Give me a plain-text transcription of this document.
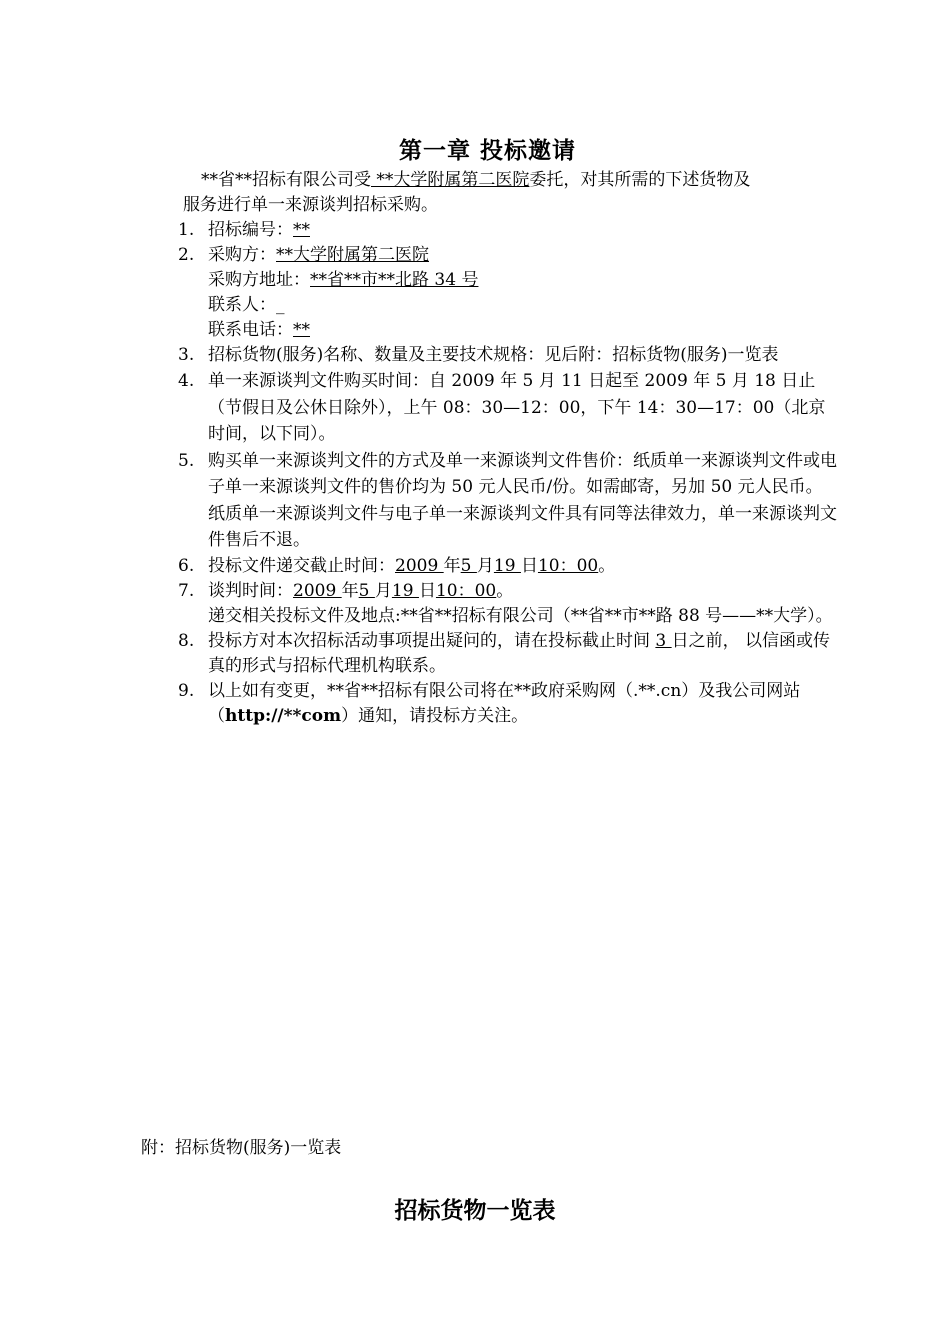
第一章 投标邀请
**省**招标有限公司受 **大学附属第二医院委托，对其所需的下述货物及
服务进行单一来源谈判招标采购。
1. 招标编号：**
2. 采购方：**大学附属第二医院
采购方地址：**省**市**北路 34 号
联系人：_
联系电话：**
3. 招标货物(服务)名称、数量及主要技术规格：见后附：招标货物(服务)一览表
4. 单一来源谈判文件购买时间：自 2009 年 5 月 11 日起至 2009 年 5 月 18 日止（节假日及公休日除外），上午 08：30—12：00，下午 14：30—17：00（北京时间，以下同）。
5. 购买单一来源谈判文件的方式及单一来源谈判文件售价：纸质单一来源谈判文件或电子单一来源谈判文件的售价均为 50 元人民币/份。如需邮寄，另加 50 元人民币。纸质单一来源谈判文件与电子单一来源谈判文件具有同等法律效力，单一来源谈判文件售后不退。
6. 投标文件递交截止时间：2009 年5 月19 日10：00。
7. 谈判时间：2009 年5 月19 日10：00。
递交相关投标文件及地点:**省**招标有限公司（**省**市**路 88 号——**大学）。
8. 投标方对本次招标活动事项提出疑问的，请在投标截止时间 3 日之前， 以信函或传真的形式与招标代理机构联系。
9. 以上如有变更，**省**招标有限公司将在**政府采购网（.**.cn）及我公司网站（http://**com）通知，请投标方关注。
附：招标货物(服务)一览表
招标货物一览表
